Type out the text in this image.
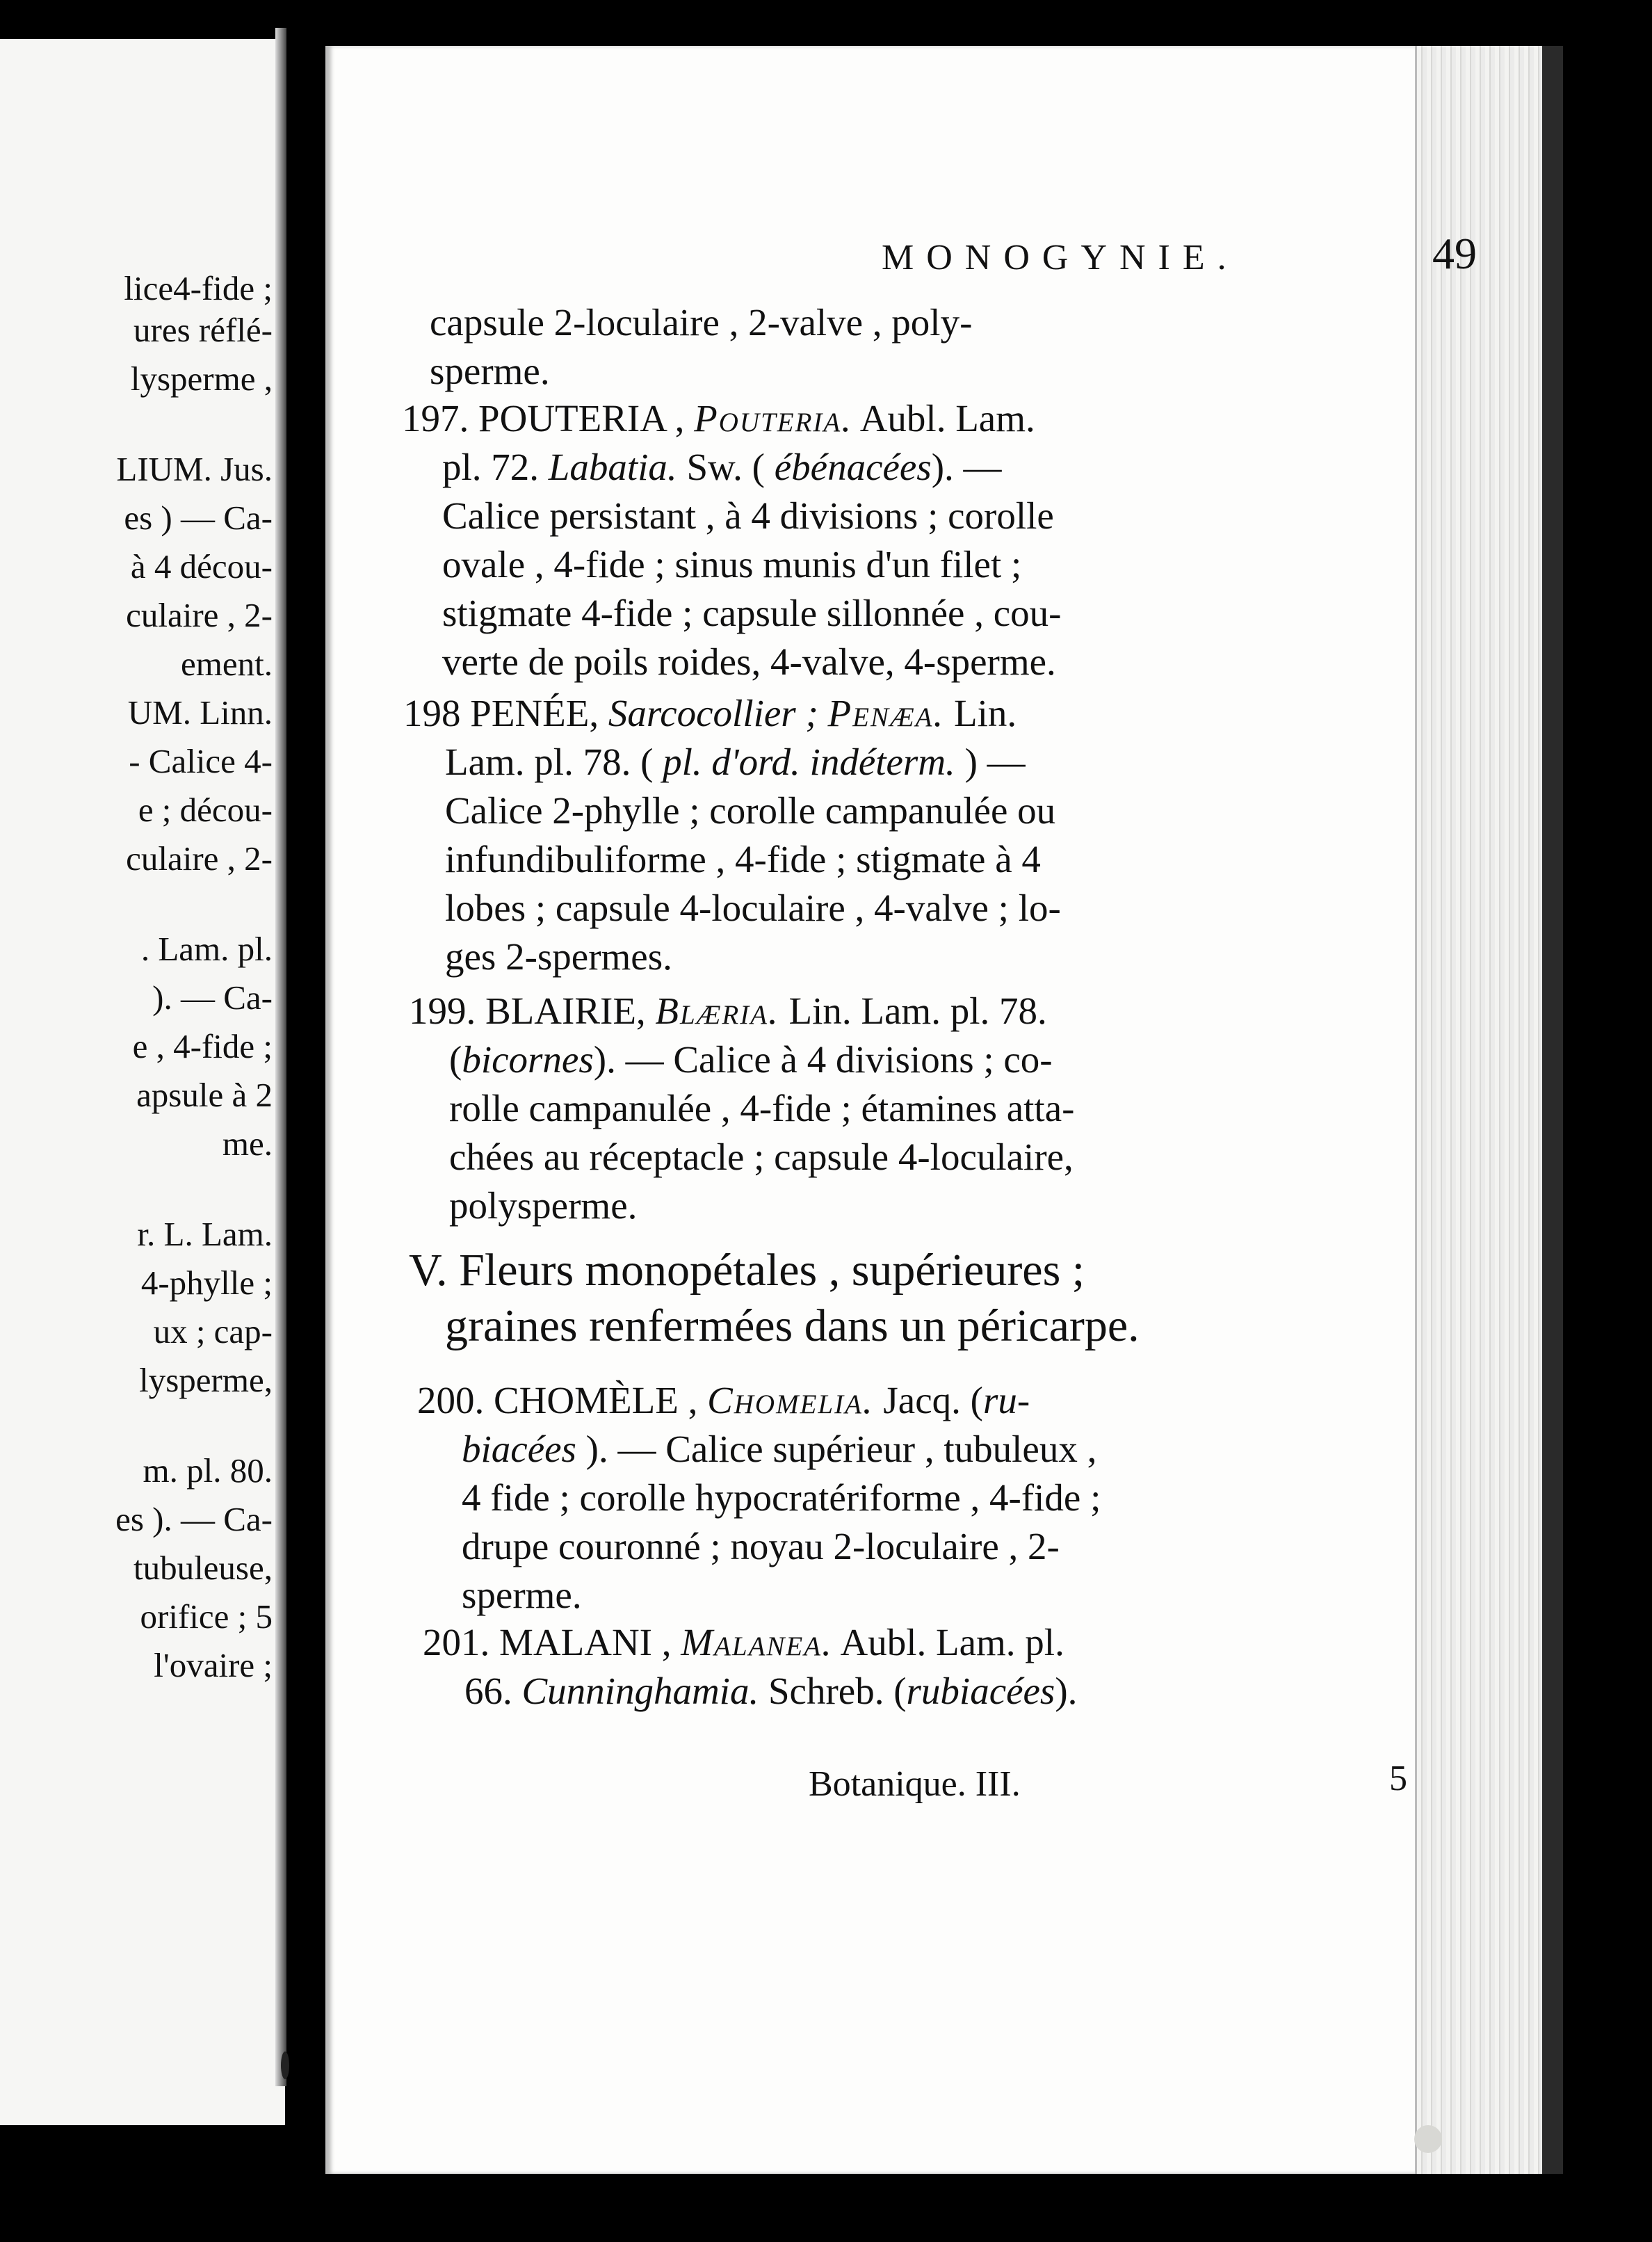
lice4-fide ;
ures réflé-
lysperme ,
LIUM. Jus.
es ) — Ca-
à 4 décou-
culaire , 2-
ement.
UM. Linn.
- Calice 4-
e ; décou-
culaire , 2-
. Lam. pl.
). — Ca-
e , 4-fide ;
apsule à 2
me.
r. L. Lam.
4-phylle ;
ux ; cap-
lysperme,
m. pl. 80.
es ). — Ca-
tubuleuse,
orifice ; 5
l'ovaire ;
MONOGYNIE.	49
capsule 2-loculaire , 2-valve , poly-
sperme.
197. POUTERIA , Pouteria. Aubl. Lam.
pl. 72. Labatia. Sw. ( ébénacées). —
Calice persistant , à 4 divisions ; corolle
ovale , 4-fide ; sinus munis d'un filet ;
stigmate 4-fide ; capsule sillonnée , cou-
verte de poils roides, 4-valve, 4-sperme.
198 PENÉE, Sarcocollier ; Penæa. Lin.
Lam. pl. 78. ( pl. d'ord. indéterm. ) —
Calice 2-phylle ; corolle campanulée ou
infundibuliforme , 4-fide ; stigmate à 4
lobes ; capsule 4-loculaire , 4-valve ; lo-
ges 2-spermes.
199. BLAIRIE, Blæria. Lin. Lam. pl. 78.
(bicornes). — Calice à 4 divisions ; co-
rolle campanulée , 4-fide ; étamines atta-
chées au réceptacle ; capsule 4-loculaire,
polysperme.
V. Fleurs monopétales , supérieures ;
graines renfermées dans un péricarpe.
200. CHOMÈLE , Chomelia. Jacq. (ru-
biacées ). — Calice supérieur , tubuleux ,
4 fide ; corolle hypocratériforme , 4-fide ;
drupe couronné ; noyau 2-loculaire , 2-
sperme.
201. MALANI , Malanea. Aubl. Lam. pl.
66. Cunninghamia. Schreb. (rubiacées).
Botanique. III.	5
